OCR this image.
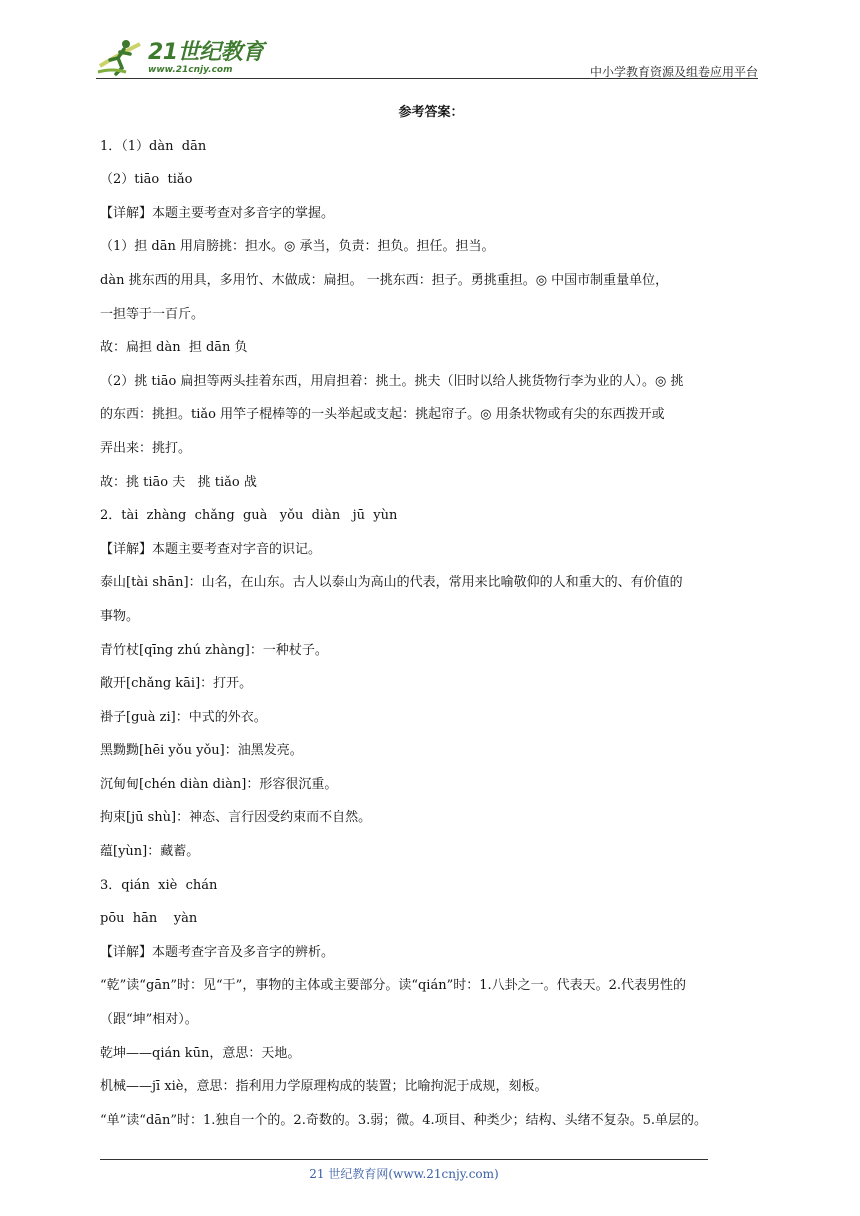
21世纪教育
www.21cnjy.com	中小学教育资源及组卷应用平台
参考答案：
1．（1）dàn  dān
（2）tiāo  tiǎo
【详解】本题主要考查对多音字的掌握。
（1）担 dān 用肩膀挑：担水。◎ 承当，负责：担负。担任。担当。
dàn 挑东西的用具，多用竹、木做成：扁担。 一挑东西：担子。勇挑重担。◎ 中国市制重量单位，
一担等于一百斤。
故：扁担 dàn  担 dān 负
（2）挑 tiāo 扁担等两头挂着东西，用肩担着：挑土。挑夫（旧时以给人挑货物行李为业的人）。◎ 挑
的东西：挑担。tiǎo 用竿子棍棒等的一头举起或支起：挑起帘子。◎ 用条状物或有尖的东西拨开或
弄出来：挑打。
故：挑 tiāo 夫   挑 tiǎo 战
2．tài  zhàng  chǎng  guà   yǒu  diàn   jū  yùn
【详解】本题主要考查对字音的识记。
泰山[tài shān]：山名，在山东。古人以泰山为高山的代表，常用来比喻敬仰的人和重大的、有价值的
事物。
青竹杖[qīng zhú zhàng]：一种杖子。
敞开[chǎng kāi]：打开。
褂子[guà zi]：中式的外衣。
黑黝黝[hēi yǒu yǒu]：油黑发亮。
沉甸甸[chén diàn diàn]：形容很沉重。
拘束[jū shù]：神态、言行因受约束而不自然。
蕴[yùn]：藏蓄。
3．qián  xiè  chán
pōu  hān    yàn
【详解】本题考查字音及多音字的辨析。
“乾”读“gān”时：见“干”，事物的主体或主要部分。读“qián”时：1.八卦之一。代表天。2.代表男性的
（跟“坤”相对）。
乾坤——qián kūn，意思：天地。
机械——jī xiè，意思：指利用力学原理构成的装置；比喻拘泥于成规，刻板。
“单”读“dān”时：1.独自一个的。2.奇数的。3.弱；微。4.项目、种类少；结构、头绪不复杂。5.单层的。
21 世纪教育网(www.21cnjy.com)
